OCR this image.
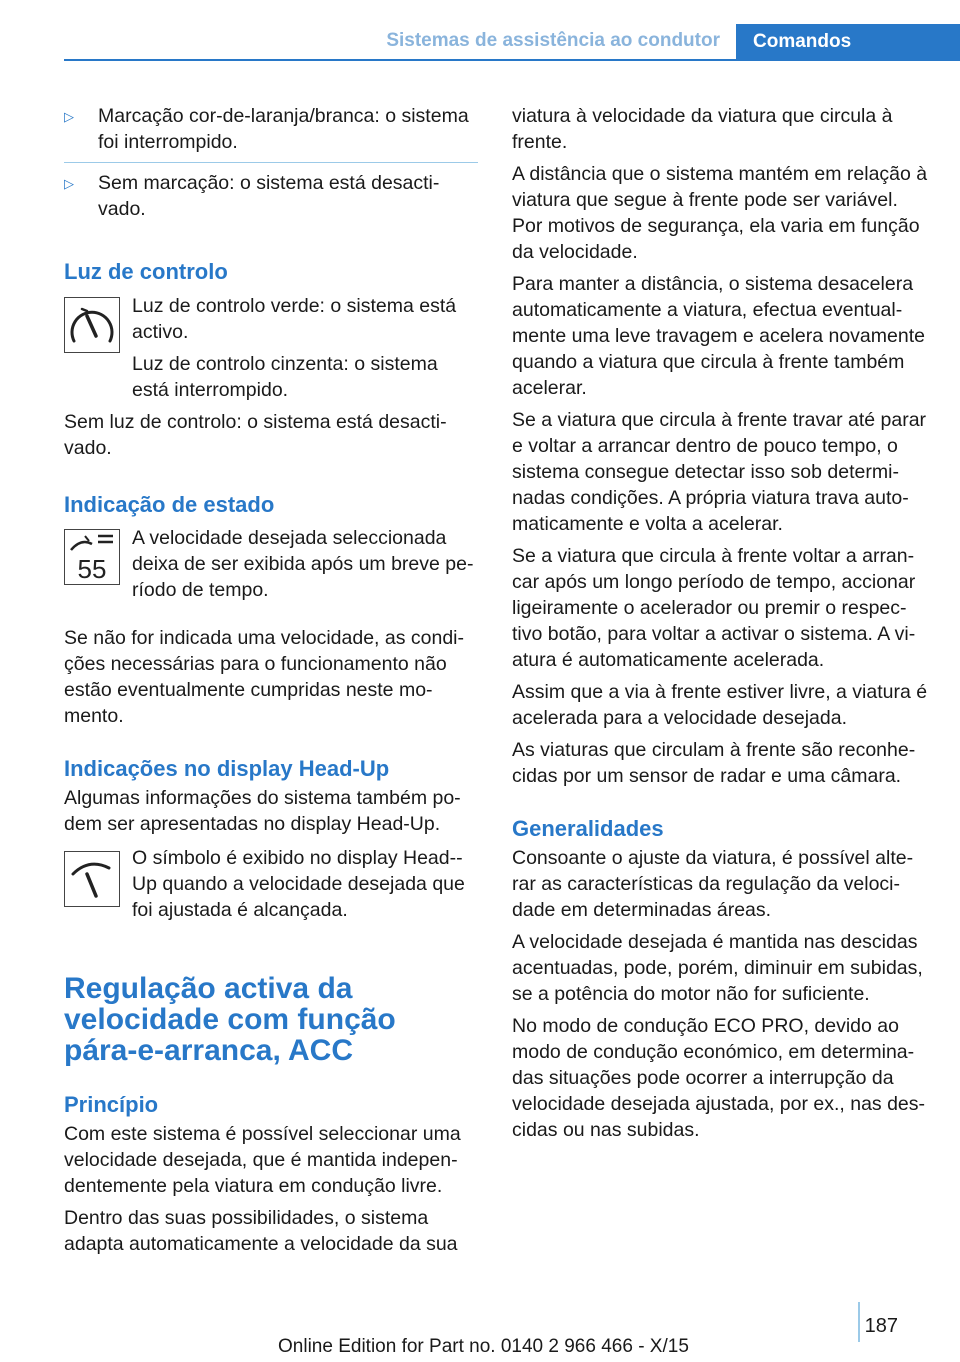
Sistemas de assistência ao condutor	Comandos
▷ Marcação cor-de-laranja/branca: o sistema foi interrompido.
▷ Sem marcação: o sistema está desactivado.
Luz de controlo
Luz de controlo verde: o sistema está activo.
Luz de controlo cinzenta: o sistema está interrompido.
Sem luz de controlo: o sistema está desactivado.
Indicação de estado
55
A velocidade desejada seleccionada deixa de ser exibida após um breve período de tempo.
Se não for indicada uma velocidade, as condições necessárias para o funcionamento não estão eventualmente cumpridas neste momento.
Indicações no display Head-Up
Algumas informações do sistema também podem ser apresentadas no display Head-Up.
O símbolo é exibido no display Head-Up quando a velocidade desejada que foi ajustada é alcançada.
Regulação activa da velocidade com função pára-e-arranca, ACC
Princípio
Com este sistema é possível seleccionar uma velocidade desejada, que é mantida independentemente pela viatura em condução livre.
Dentro das suas possibilidades, o sistema adapta automaticamente a velocidade da sua
viatura à velocidade da viatura que circula à frente.
A distância que o sistema mantém em relação à viatura que segue à frente pode ser variável. Por motivos de segurança, ela varia em função da velocidade.
Para manter a distância, o sistema desacelera automaticamente a viatura, efectua eventualmente uma leve travagem e acelera novamente quando a viatura que circula à frente também acelerar.
Se a viatura que circula à frente travar até parar e voltar a arrancar dentro de pouco tempo, o sistema consegue detectar isso sob determinadas condições. A própria viatura trava automaticamente e volta a acelerar.
Se a viatura que circula à frente voltar a arrancar após um longo período de tempo, accionar ligeiramente o acelerador ou premir o respectivo botão, para voltar a activar o sistema. A viatura é automaticamente acelerada.
Assim que a via à frente estiver livre, a viatura é acelerada para a velocidade desejada.
As viaturas que circulam à frente são reconhecidas por um sensor de radar e uma câmara.
Generalidades
Consoante o ajuste da viatura, é possível alterar as características da regulação da velocidade em determinadas áreas.
A velocidade desejada é mantida nas descidas acentuadas, pode, porém, diminuir em subidas, se a potência do motor não for suficiente.
No modo de condução ECO PRO, devido ao modo de condução económico, em determinadas situações pode ocorrer a interrupção da velocidade desejada ajustada, por ex., nas descidas ou nas subidas.
187
Online Edition for Part no. 0140 2 966 466 - X/15
